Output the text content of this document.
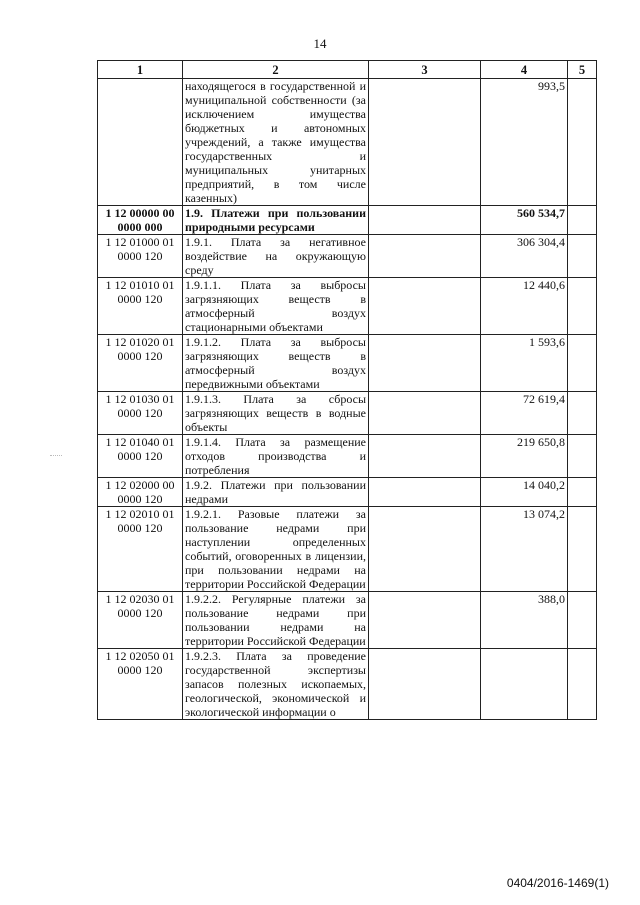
14
1	2	3	4	5
	находящегося в государственной и муниципальной собственности (за исключением имущества бюджетных и автономных учреждений, а также имущества государственных и муниципальных унитарных предприятий, в том числе казенных)		993,5	
1 12 00000 00 0000 000	1.9. Платежи при пользовании природными ресурсами		560 534,7	
1 12 01000 01 0000 120	1.9.1. Плата за негативное воздействие на окружающую среду		306 304,4	
1 12 01010 01 0000 120	1.9.1.1. Плата за выбросы загрязняющих веществ в атмосферный воздух стационарными объектами		12 440,6	
1 12 01020 01 0000 120	1.9.1.2. Плата за выбросы загрязняющих веществ в атмосферный воздух передвижными объектами		1 593,6	
1 12 01030 01 0000 120	1.9.1.3. Плата за сбросы загрязняющих веществ в водные объекты		72 619,4	
1 12 01040 01 0000 120	1.9.1.4. Плата за размещение отходов производства и потребления		219 650,8	
1 12 02000 00 0000 120	1.9.2. Платежи при пользовании недрами		14 040,2	
1 12 02010 01 0000 120	1.9.2.1. Разовые платежи за пользование недрами при наступлении определенных событий, оговоренных в лицензии, при пользовании недрами на территории Российской Федерации		13 074,2	
1 12 02030 01 0000 120	1.9.2.2. Регулярные платежи за пользование недрами при пользовании недрами на территории Российской Федерации		388,0	
1 12 02050 01 0000 120	1.9.2.3. Плата за проведение государственной экспертизы запасов полезных ископаемых, геологической, экономической и экологической информации о			
0404/2016-1469(1)
